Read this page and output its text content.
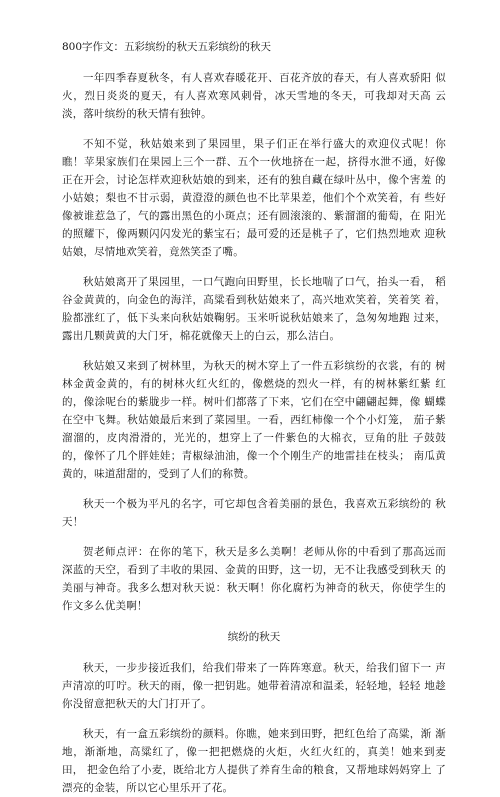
800字作文：五彩缤纷的秋天五彩缤纷的秋天

一年四季春夏秋冬，有人喜欢春暖花开、百花齐放的春天，有人喜欢骄阳 似火，烈日炎炎的夏天，有人喜欢寒风刺骨，冰天雪地的冬天，可我却对天高 云淡，落叶缤纷的秋天情有独钟。

不知不觉，秋姑娘来到了果园里，果子们正在举行盛大的欢迎仪式呢！你 瞧！苹果家族们在果园上三个一群、五个一伙地挤在一起，挤得水泄不通，好像 正在开会，讨论怎样欢迎秋姑娘的到来，还有的独自藏在绿叶丛中，像个害羞 的小姑娘；梨也不甘示弱，黄澄澄的颜色也不比苹果差，他们个个欢笑着，有 些好像被谁惹急了，气的露出黑色的小斑点；还有圆滚滚的、紫溜溜的葡萄，在 阳光的照耀下，像两颗闪闪发光的紫宝石；最可爱的还是桃子了，它们热烈地欢 迎秋姑娘，尽情地欢笑着，竟然笑歪了嘴。

秋姑娘离开了果园里，一口气跑向田野里，长长地喘了口气，抬头一看， 稻谷金黄黄的，向金色的海洋，高粱看到秋姑娘来了，高兴地欢笑着，笑着笑 着，脸都涨红了，低下头来向秋姑娘鞠躬。玉米听说秋姑娘来了，急匆匆地跑 过来，露出几颗黄黄的大门牙，棉花就像天上的白云，那么洁白。

秋姑娘又来到了树林里，为秋天的树木穿上了一件五彩缤纷的衣裳，有的 树林金黄金黄的，有的树林火红火红的，像燃烧的烈火一样，有的树林紫红紫 红的，像涂呢台的紫胧步一样。树叶们都落了下来，它们在空中翩翩起舞，像 蝴蝶在空中飞舞。秋姑娘最后来到了菜园里。一看，西红柿像一个个小灯笼， 茄子紫溜溜的，皮肉滑滑的，光光的，想穿上了一件紫色的大棉衣，豆角的肚 子鼓鼓的，像怀了几个胖娃娃；青椒绿油油，像一个个刚生产的地雷挂在枝头； 南瓜黄黄的，味道甜甜的，受到了人们的称赞。

秋天一个极为平凡的名字，可它却包含着美丽的景色，我喜欢五彩缤纷的 秋天！

贺老师点评：在你的笔下，秋天是多么美啊！老师从你的中看到了那高远而 深蓝的天空，看到了丰收的果园、金黄的田野，这一切，无不让我感受到秋天 的美丽与神奇。我多么想对秋天说：秋天啊！你化腐朽为神奇的秋天，你使学生的 作文多么优美啊！

缤纷的秋天

秋天，一步步接近我们，给我们带来了一阵阵寒意。秋天，给我们留下一 声声清凉的叮咛。秋天的雨，像一把钥匙。她带着清凉和温柔，轻轻地，轻轻 地趁你没留意把秋天的大门打开了。

秋天，有一盒五彩缤纷的颜料。你瞧，她来到田野，把红色给了高粱，渐 渐地，渐渐地，高粱红了，像一把把燃烧的火炬，火红火红的，真美！她来到麦田， 把金色给了小麦，既给北方人提供了养育生命的粮食，又帮地球妈妈穿上 了漂亮的金装，所以它心里乐开了花。
